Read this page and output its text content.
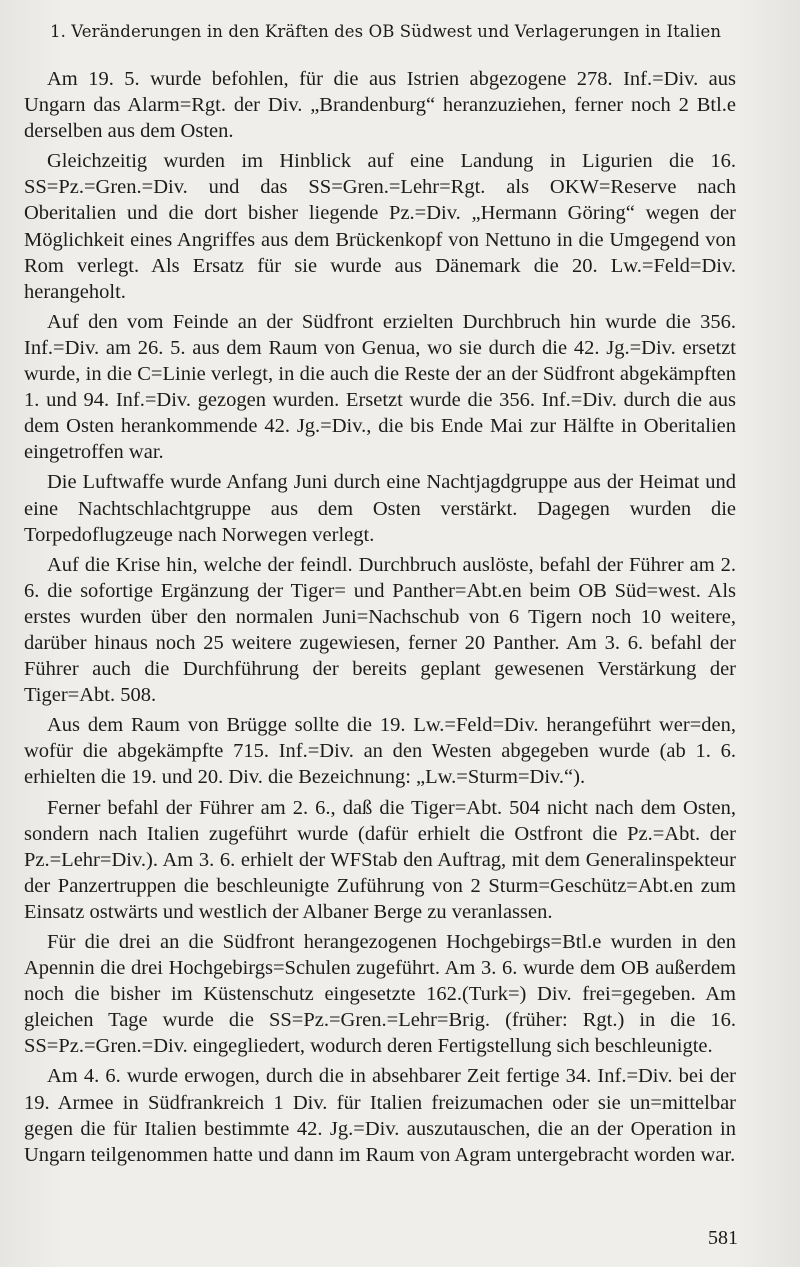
1. Veränderungen in den Kräften des OB Südwest und Verlagerungen in Italien

Am 19. 5. wurde befohlen, für die aus Istrien abgezogene 278. Inf.=Div. aus Ungarn das Alarm=Rgt. der Div. „Brandenburg“ heranzuziehen, ferner noch 2 Btl.e derselben aus dem Osten.

Gleichzeitig wurden im Hinblick auf eine Landung in Ligurien die 16. SS=Pz.=Gren.=Div. und das SS=Gren.=Lehr=Rgt. als OKW=Reserve nach Oberitalien und die dort bisher liegende Pz.=Div. „Hermann Göring“ wegen der Möglichkeit eines Angriffes aus dem Brückenkopf von Nettuno in die Umgegend von Rom verlegt. Als Ersatz für sie wurde aus Dänemark die 20. Lw.=Feld=Div. herangeholt.

Auf den vom Feinde an der Südfront erzielten Durchbruch hin wurde die 356. Inf.=Div. am 26. 5. aus dem Raum von Genua, wo sie durch die 42. Jg.=Div. ersetzt wurde, in die C=Linie verlegt, in die auch die Reste der an der Südfront abgekämpften 1. und 94. Inf.=Div. gezogen wurden. Ersetzt wurde die 356. Inf.=Div. durch die aus dem Osten herankommende 42. Jg.=Div., die bis Ende Mai zur Hälfte in Oberitalien eingetroffen war.

Die Luftwaffe wurde Anfang Juni durch eine Nachtjagdgruppe aus der Heimat und eine Nachtschlachtgruppe aus dem Osten verstärkt. Dagegen wurden die Torpedoflugzeuge nach Norwegen verlegt.

Auf die Krise hin, welche der feindl. Durchbruch auslöste, befahl der Führer am 2. 6. die sofortige Ergänzung der Tiger= und Panther=Abt.en beim OB Süd=west. Als erstes wurden über den normalen Juni=Nachschub von 6 Tigern noch 10 weitere, darüber hinaus noch 25 weitere zugewiesen, ferner 20 Panther. Am 3. 6. befahl der Führer auch die Durchführung der bereits geplant gewesenen Verstärkung der Tiger=Abt. 508.

Aus dem Raum von Brügge sollte die 19. Lw.=Feld=Div. herangeführt wer=den, wofür die abgekämpfte 715. Inf.=Div. an den Westen abgegeben wurde (ab 1. 6. erhielten die 19. und 20. Div. die Bezeichnung: „Lw.=Sturm=Div.“).

Ferner befahl der Führer am 2. 6., daß die Tiger=Abt. 504 nicht nach dem Osten, sondern nach Italien zugeführt wurde (dafür erhielt die Ostfront die Pz.=Abt. der Pz.=Lehr=Div.). Am 3. 6. erhielt der WFStab den Auftrag, mit dem Generalinspekteur der Panzertruppen die beschleunigte Zuführung von 2 Sturm=Geschütz=Abt.en zum Einsatz ostwärts und westlich der Albaner Berge zu veranlassen.

Für die drei an die Südfront herangezogenen Hochgebirgs=Btl.e wurden in den Apennin die drei Hochgebirgs=Schulen zugeführt. Am 3. 6. wurde dem OB außerdem noch die bisher im Küstenschutz eingesetzte 162.(Turk=) Div. frei=gegeben. Am gleichen Tage wurde die SS=Pz.=Gren.=Lehr=Brig. (früher: Rgt.) in die 16. SS=Pz.=Gren.=Div. eingegliedert, wodurch deren Fertigstellung sich beschleunigte.

Am 4. 6. wurde erwogen, durch die in absehbarer Zeit fertige 34. Inf.=Div. bei der 19. Armee in Südfrankreich 1 Div. für Italien freizumachen oder sie un=mittelbar gegen die für Italien bestimmte 42. Jg.=Div. auszutauschen, die an der Operation in Ungarn teilgenommen hatte und dann im Raum von Agram untergebracht worden war.

581
